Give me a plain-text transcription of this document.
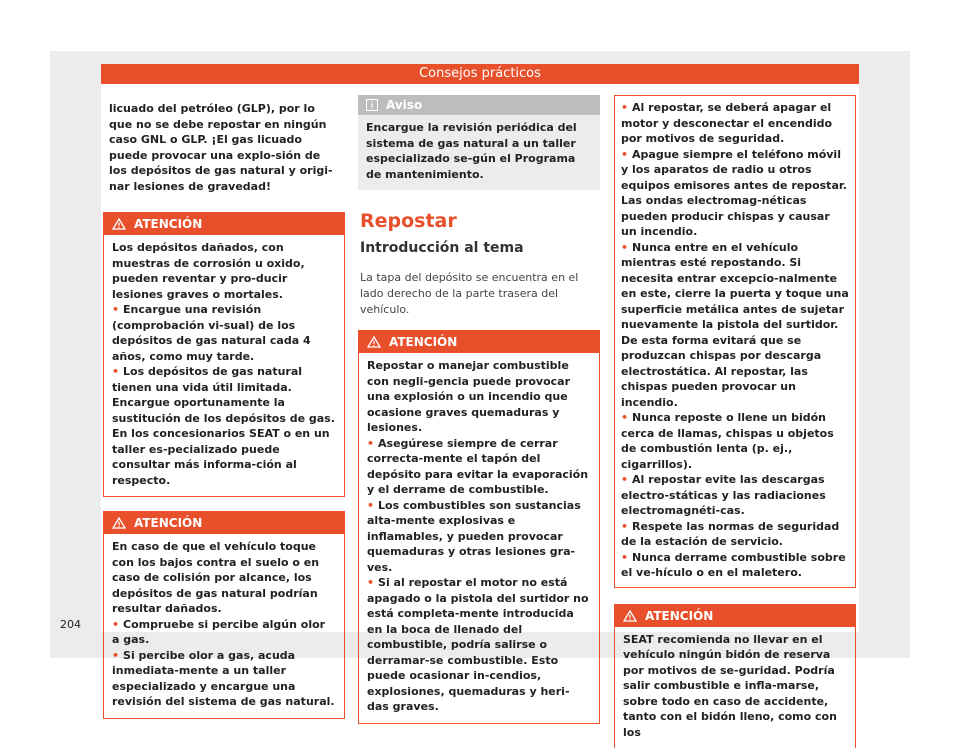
Consejos prácticos
licuado del petróleo (GLP), por lo que no se debe repostar en ningún caso GNL o GLP. ¡El gas licuado puede provocar una explo-sión de los depósitos de gas natural y origi-nar lesiones de gravedad!
ATENCIÓN

Los depósitos dañados, con muestras de corrosión u oxido, pueden reventar y pro-ducir lesiones graves o mortales.

• Encargue una revisión (comprobación vi-sual) de los depósitos de gas natural cada 4 años, como muy tarde.

• Los depósitos de gas natural tienen una vida útil limitada. Encargue oportunamente la sustitución de los depósitos de gas. En los concesionarios SEAT o en un taller es-pecializado puede consultar más informa-ción al respecto.

ATENCIÓN

En caso de que el vehículo toque con los bajos contra el suelo o en caso de colisión por alcance, los depósitos de gas natural podrían resultar dañados.

• Compruebe si percibe algún olor a gas.

• Si percibe olor a gas, acuda inmediata-mente a un taller especializado y encargue una revisión del sistema de gas natural.

Aviso
Encargue la revisión periódica del sistema de gas natural a un taller especializado se-gún el Programa de mantenimiento.
Repostar
Introducción al tema
La tapa del depósito se encuentra en el lado derecho de la parte trasera del vehículo.
ATENCIÓN

Repostar o manejar combustible con negli-gencia puede provocar una explosión o un incendio que ocasione graves quemaduras y lesiones.

• Asegúrese siempre de cerrar correcta-mente el tapón del depósito para evitar la evaporación y el derrame de combustible.

• Los combustibles son sustancias alta-mente explosivas e inflamables, y pueden provocar quemaduras y otras lesiones gra-ves.

• Si al repostar el motor no está apagado o la pistola del surtidor no está completa-mente introducida en la boca de llenado del combustible, podría salirse o derramar-se combustible. Esto puede ocasionar in-cendios, explosiones, quemaduras y heri-das graves.

• Al repostar, se deberá apagar el motor y desconectar el encendido por motivos de seguridad.

• Apague siempre el teléfono móvil y los aparatos de radio u otros equipos emisores antes de repostar. Las ondas electromag-néticas pueden producir chispas y causar un incendio.

• Nunca entre en el vehículo mientras esté repostando. Si necesita entrar excepcio-nalmente en este, cierre la puerta y toque una superficie metálica antes de sujetar nuevamente la pistola del surtidor. De esta forma evitará que se produzcan chispas por descarga electrostática. Al repostar, las chispas pueden provocar un incendio.

• Nunca reposte o llene un bidón cerca de llamas, chispas u objetos de combustión lenta (p. ej., cigarrillos).

• Al repostar evite las descargas electro-státicas y las radiaciones electromagnéti-cas.

• Respete las normas de seguridad de la estación de servicio.

• Nunca derrame combustible sobre el ve-hículo o en el maletero.

ATENCIÓN

SEAT recomienda no llevar en el vehículo ningún bidón de reserva por motivos de se-guridad. Podría salir combustible e infla-marse, sobre todo en caso de accidente, tanto con el bidón lleno, como con los

204
